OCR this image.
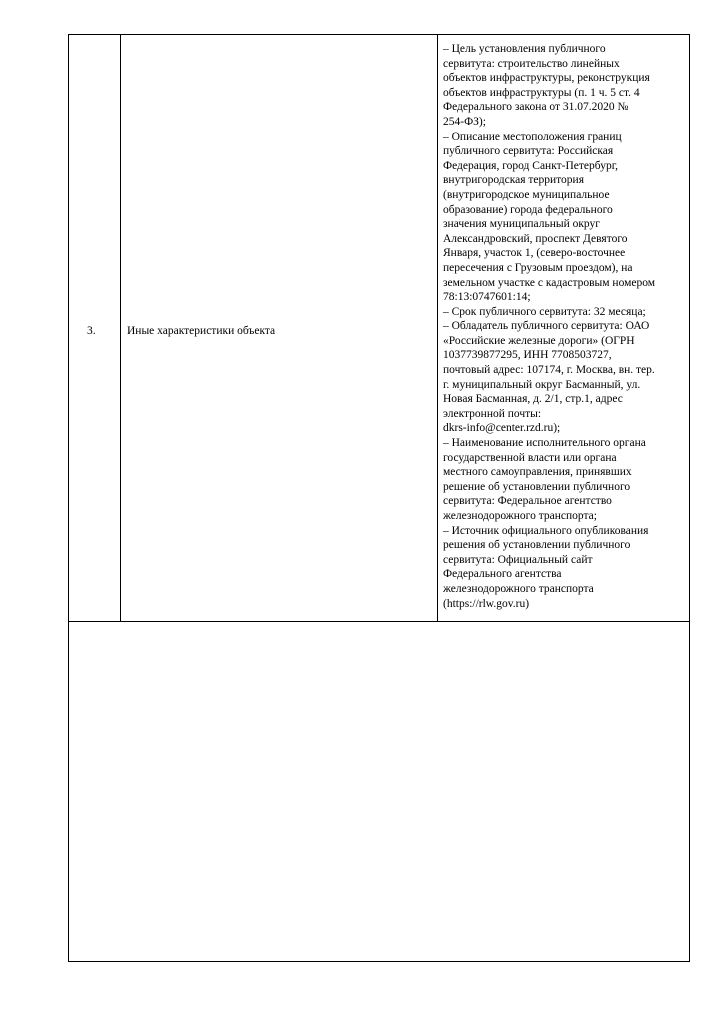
3.	Иные характеристики объекта
– Цель установления публичного
сервитута: строительство линейных
объектов инфраструктуры, реконструкция
объектов инфраструктуры (п. 1 ч. 5 ст. 4
Федерального закона от 31.07.2020 №
254-ФЗ);
– Описание местоположения границ
публичного сервитута: Российская
Федерация, город Санкт-Петербург,
внутригородская территория
(внутригородское муниципальное
образование) города федерального
значения муниципальный округ
Александровский, проспект Девятого
Января, участок 1, (северо-восточнее
пересечения с Грузовым проездом), на
земельном участке с кадастровым номером
78:13:0747601:14;
– Срок публичного сервитута: 32 месяца;
– Обладатель публичного сервитута: ОАО
«Российские железные дороги» (ОГРН
1037739877295, ИНН 7708503727,
почтовый адрес: 107174, г. Москва, вн. тер.
г. муниципальный округ Басманный, ул.
Новая Басманная, д. 2/1, стр.1, адрес
электронной почты:
dkrs-info@center.rzd.ru);
– Наименование исполнительного органа
государственной власти или органа
местного самоуправления, принявших
решение об установлении публичного
сервитута: Федеральное агентство
железнодорожного транспорта;
– Источник официального опубликования
решения об установлении публичного
сервитута: Официальный сайт
Федерального агентства
железнодорожного транспорта
(https://rlw.gov.ru)
